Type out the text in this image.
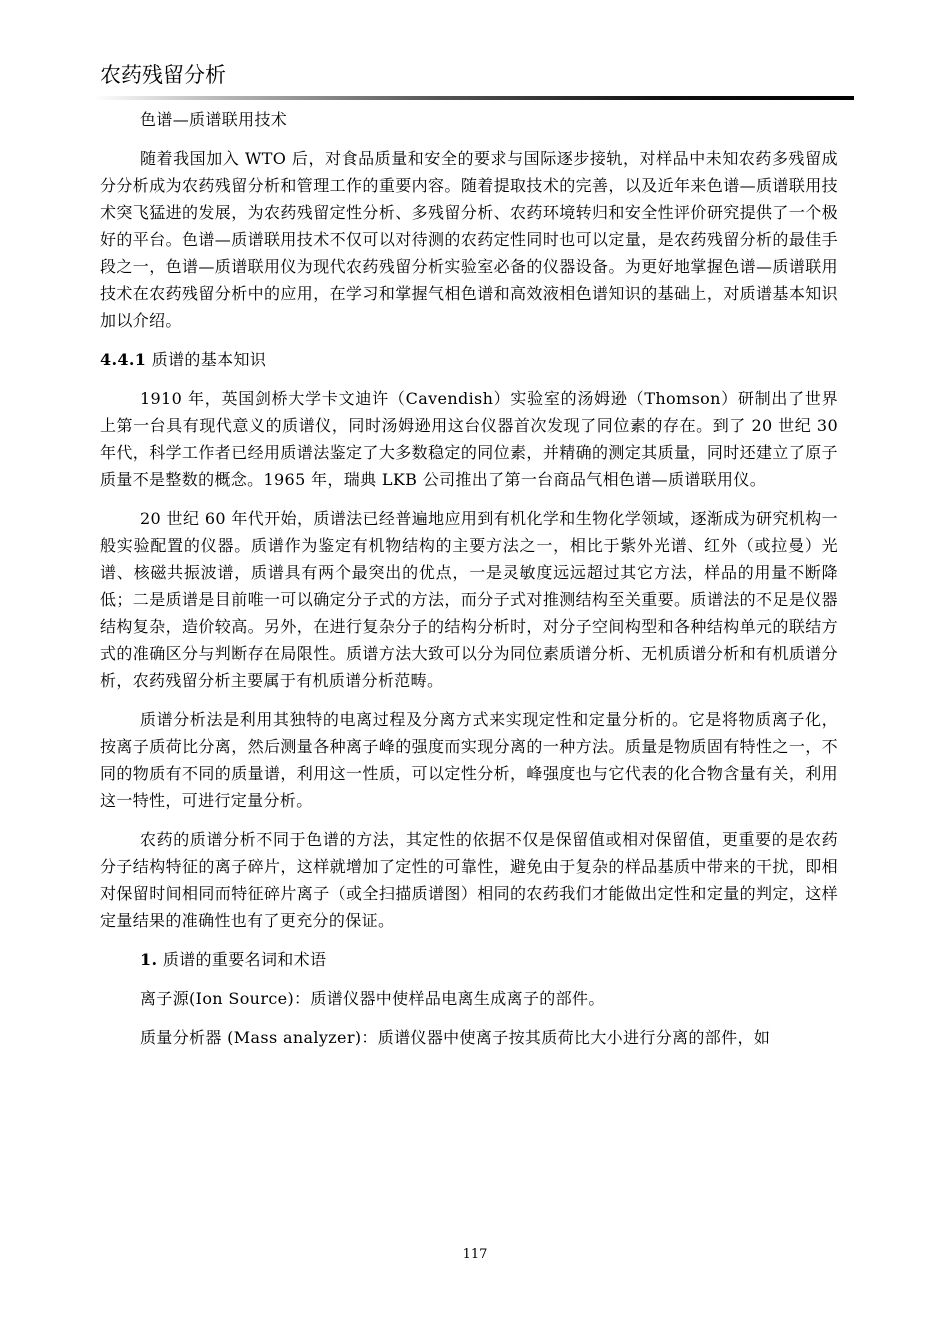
农药残留分析

色谱—质谱联用技术

随着我国加入 WTO 后，对食品质量和安全的要求与国际逐步接轨，对样品中未知农药多残留成分分析成为农药残留分析和管理工作的重要内容。随着提取技术的完善，以及近年来色谱—质谱联用技术突飞猛进的发展，为农药残留定性分析、多残留分析、农药环境转归和安全性评价研究提供了一个极好的平台。色谱—质谱联用技术不仅可以对待测的农药定性同时也可以定量，是农药残留分析的最佳手段之一，色谱—质谱联用仪为现代农药残留分析实验室必备的仪器设备。为更好地掌握色谱—质谱联用技术在农药残留分析中的应用，在学习和掌握气相色谱和高效液相色谱知识的基础上，对质谱基本知识加以介绍。

4.4.1 质谱的基本知识

1910 年，英国剑桥大学卡文迪许（Cavendish）实验室的汤姆逊（Thomson）研制出了世界上第一台具有现代意义的质谱仪，同时汤姆逊用这台仪器首次发现了同位素的存在。到了 20 世纪 30 年代，科学工作者已经用质谱法鉴定了大多数稳定的同位素，并精确的测定其质量，同时还建立了原子质量不是整数的概念。1965 年，瑞典 LKB 公司推出了第一台商品气相色谱—质谱联用仪。

20 世纪 60 年代开始，质谱法已经普遍地应用到有机化学和生物化学领域，逐渐成为研究机构一般实验配置的仪器。质谱作为鉴定有机物结构的主要方法之一，相比于紫外光谱、红外（或拉曼）光谱、核磁共振波谱，质谱具有两个最突出的优点，一是灵敏度远远超过其它方法，样品的用量不断降低；二是质谱是目前唯一可以确定分子式的方法，而分子式对推测结构至关重要。质谱法的不足是仪器结构复杂，造价较高。另外，在进行复杂分子的结构分析时，对分子空间构型和各种结构单元的联结方式的准确区分与判断存在局限性。质谱方法大致可以分为同位素质谱分析、无机质谱分析和有机质谱分析，农药残留分析主要属于有机质谱分析范畴。

质谱分析法是利用其独特的电离过程及分离方式来实现定性和定量分析的。它是将物质离子化，按离子质荷比分离，然后测量各种离子峰的强度而实现分离的一种方法。质量是物质固有特性之一，不同的物质有不同的质量谱，利用这一性质，可以定性分析，峰强度也与它代表的化合物含量有关，利用这一特性，可进行定量分析。

农药的质谱分析不同于色谱的方法，其定性的依据不仅是保留值或相对保留值，更重要的是农药分子结构特征的离子碎片，这样就增加了定性的可靠性，避免由于复杂的样品基质中带来的干扰，即相对保留时间相同而特征碎片离子（或全扫描质谱图）相同的农药我们才能做出定性和定量的判定，这样定量结果的准确性也有了更充分的保证。

1. 质谱的重要名词和术语

离子源(Ion Source)：质谱仪器中使样品电离生成离子的部件。

质量分析器 (Mass analyzer)：质谱仪器中使离子按其质荷比大小进行分离的部件，如

117
